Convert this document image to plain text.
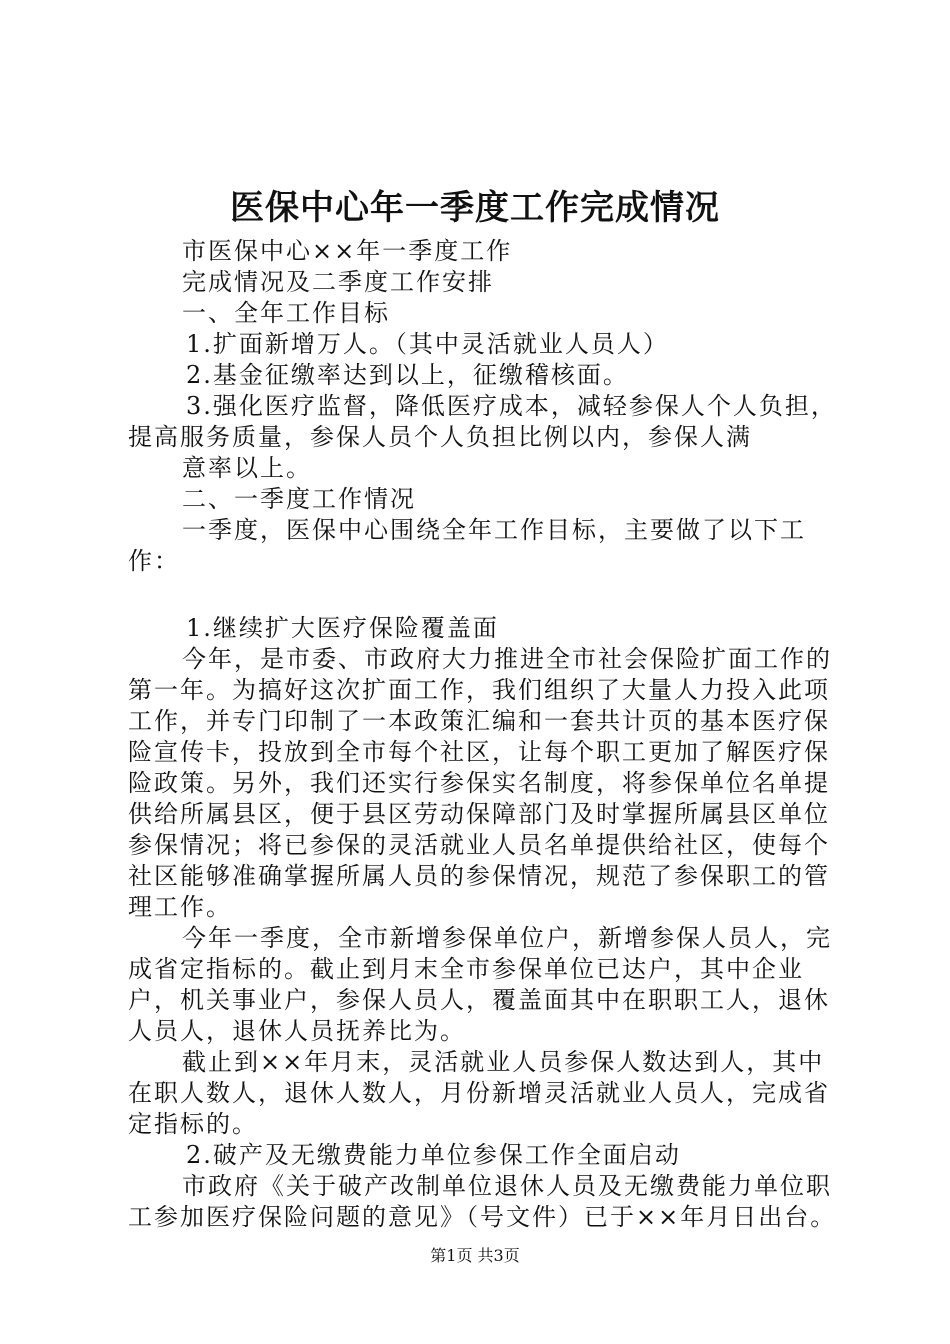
医保中心年一季度工作完成情况

市医保中心××年一季度工作

完成情况及二季度工作安排

一、全年工作目标

1.扩面新增万人。（其中灵活就业人员人）

2.基金征缴率达到以上，征缴稽核面。

3.强化医疗监督，降低医疗成本，减轻参保人个人负担，提高服务质量，参保人员个人负担比例以内，参保人满

意率以上。

二、一季度工作情况

一季度，医保中心围绕全年工作目标，主要做了以下工作：

1.继续扩大医疗保险覆盖面

今年，是市委、市政府大力推进全市社会保险扩面工作的第一年。为搞好这次扩面工作，我们组织了大量人力投入此项工作，并专门印制了一本政策汇编和一套共计页的基本医疗保险宣传卡，投放到全市每个社区，让每个职工更加了解医疗保险政策。另外，我们还实行参保实名制度，将参保单位名单提供给所属县区，便于县区劳动保障部门及时掌握所属县区单位参保情况；将已参保的灵活就业人员名单提供给社区，使每个社区能够准确掌握所属人员的参保情况，规范了参保职工的管理工作。

今年一季度，全市新增参保单位户，新增参保人员人，完成省定指标的。截止到月末全市参保单位已达户，其中企业户，机关事业户，参保人员人，覆盖面其中在职职工人，退休人员人，退休人员抚养比为。

截止到××年月末，灵活就业人员参保人数达到人，其中在职人数人，退休人数人，月份新增灵活就业人员人，完成省定指标的。

2.破产及无缴费能力单位参保工作全面启动

市政府《关于破产改制单位退休人员及无缴费能力单位职工参加医疗保险问题的意见》（号文件）已于××年月日出台。

第1页 共3页
